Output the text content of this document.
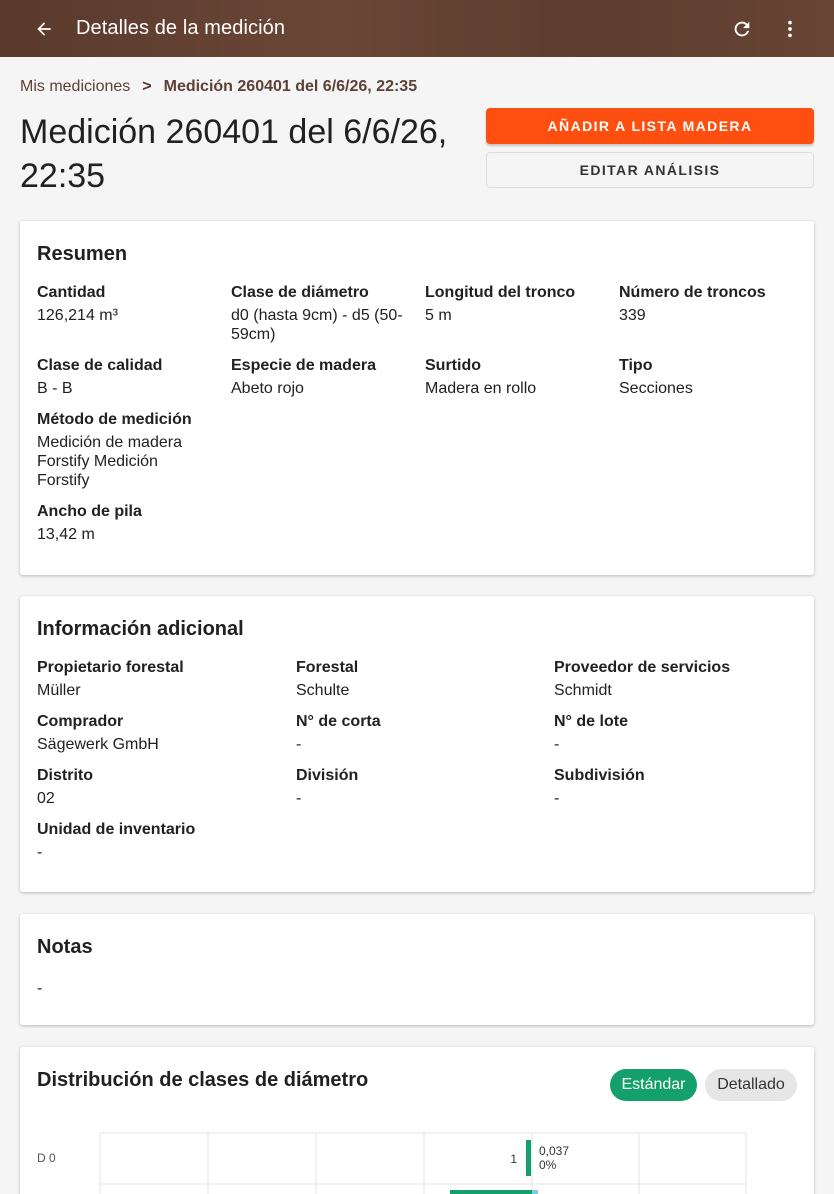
Detalles de la medición
Mis mediciones > Medición 260401 del 6/6/26, 22:35
Medición 260401 del 6/6/26, 22:35
AÑADIR A LISTA MADERA
EDITAR ANÁLISIS
Resumen
Cantidad
126,214 m³
Clase de diámetro
d0 (hasta 9cm) - d5 (50-59cm)
Longitud del tronco
5 m
Número de troncos
339
Clase de calidad
B - B
Especie de madera
Abeto rojo
Surtido
Madera en rollo
Tipo
Secciones
Método de medición
Medición de madera Forstify Medición Forstify
Ancho de pila
13,42 m
Información adicional
Propietario forestal
Müller
Forestal
Schulte
Proveedor de servicios
Schmidt
Comprador
Sägewerk GmbH
N° de corta
-
N° de lote
-
Distrito
02
División
-
Subdivisión
-
Unidad de inventario
-
Notas
-
Distribución de clases de diámetro	Estándar	Detallado
D 0	1
0,037
0%
